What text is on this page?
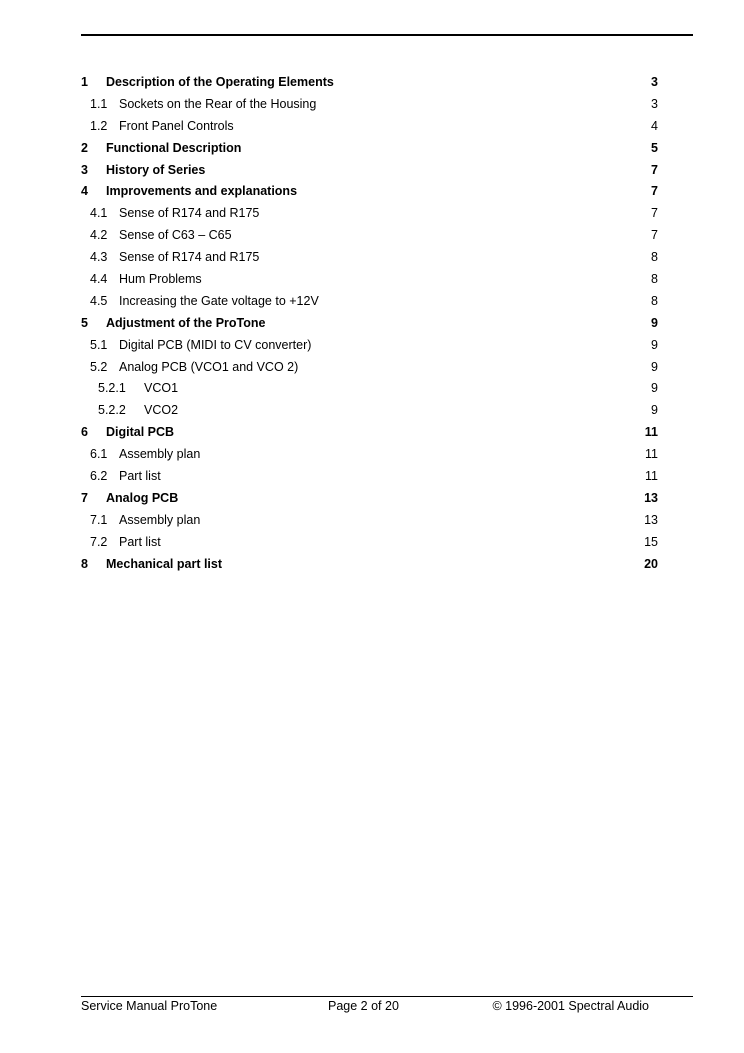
1 Description of the Operating Elements	3
1.1 Sockets on the Rear of the Housing	3
1.2 Front Panel Controls	4
2 Functional Description	5
3 History of Series	7
4 Improvements and explanations	7
4.1 Sense of R174 and R175	7
4.2 Sense of C63 – C65	7
4.3 Sense of R174 and R175	8
4.4 Hum Problems	8
4.5 Increasing the Gate voltage to +12V	8
5 Adjustment of the ProTone	9
5.1 Digital PCB (MIDI to CV converter)	9
5.2 Analog PCB (VCO1 and VCO 2)	9
5.2.1 VCO1	9
5.2.2 VCO2	9
6 Digital PCB	11
6.1 Assembly plan	11
6.2 Part list	11
7 Analog PCB	13
7.1 Assembly plan	13
7.2 Part list	15
8 Mechanical part list	20
Service Manual ProTone	Page 2 of 20	© 1996-2001 Spectral Audio
